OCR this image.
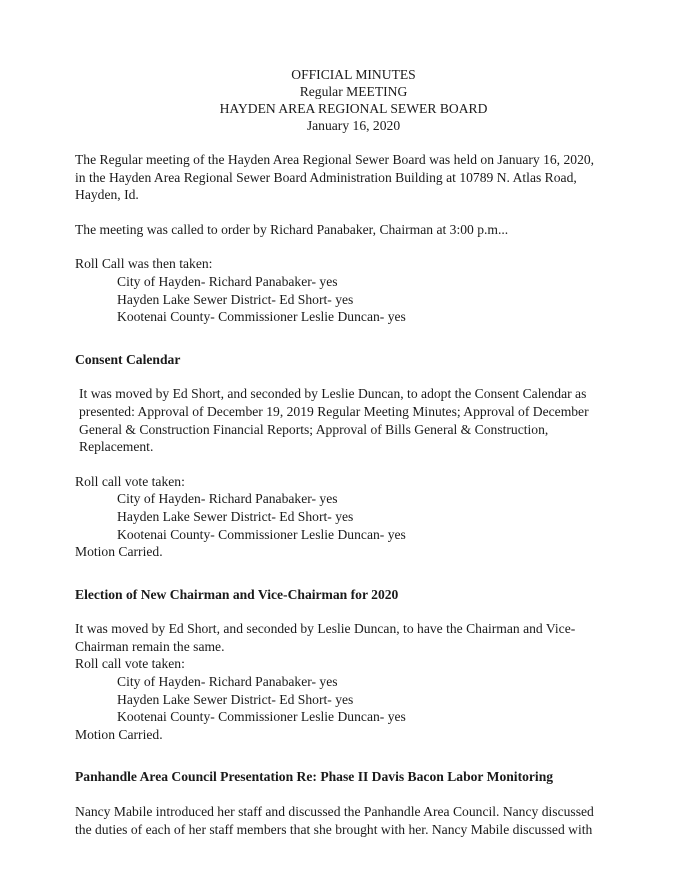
OFFICIAL MINUTES
Regular MEETING
HAYDEN AREA REGIONAL SEWER BOARD
January 16, 2020
The Regular meeting of the Hayden Area Regional Sewer Board was held on January 16, 2020,
in the Hayden Area Regional Sewer Board Administration Building at 10789 N. Atlas Road,
Hayden, Id.

The meeting was called to order by Richard Panabaker, Chairman at 3:00 p.m...

Roll Call was then taken:
City of Hayden- Richard Panabaker- yes
Hayden Lake Sewer District- Ed Short- yes
Kootenai County- Commissioner Leslie Duncan- yes
Consent Calendar
It was moved by Ed Short, and seconded by Leslie Duncan, to adopt the Consent Calendar as
presented: Approval of December 19, 2019 Regular Meeting Minutes; Approval of December
General & Construction Financial Reports; Approval of Bills General & Construction,
Replacement.
Roll call vote taken:
City of Hayden- Richard Panabaker- yes
Hayden Lake Sewer District- Ed Short- yes
Kootenai County- Commissioner Leslie Duncan- yes
Motion Carried.
Election of New Chairman and Vice-Chairman for 2020
It was moved by Ed Short, and seconded by Leslie Duncan, to have the Chairman and Vice-
Chairman remain the same.
Roll call vote taken:
City of Hayden- Richard Panabaker- yes
Hayden Lake Sewer District- Ed Short- yes
Kootenai County- Commissioner Leslie Duncan- yes
Motion Carried.
Panhandle Area Council Presentation Re: Phase II Davis Bacon Labor Monitoring
Nancy Mabile introduced her staff and discussed the Panhandle Area Council. Nancy discussed
the duties of each of her staff members that she brought with her. Nancy Mabile discussed with
